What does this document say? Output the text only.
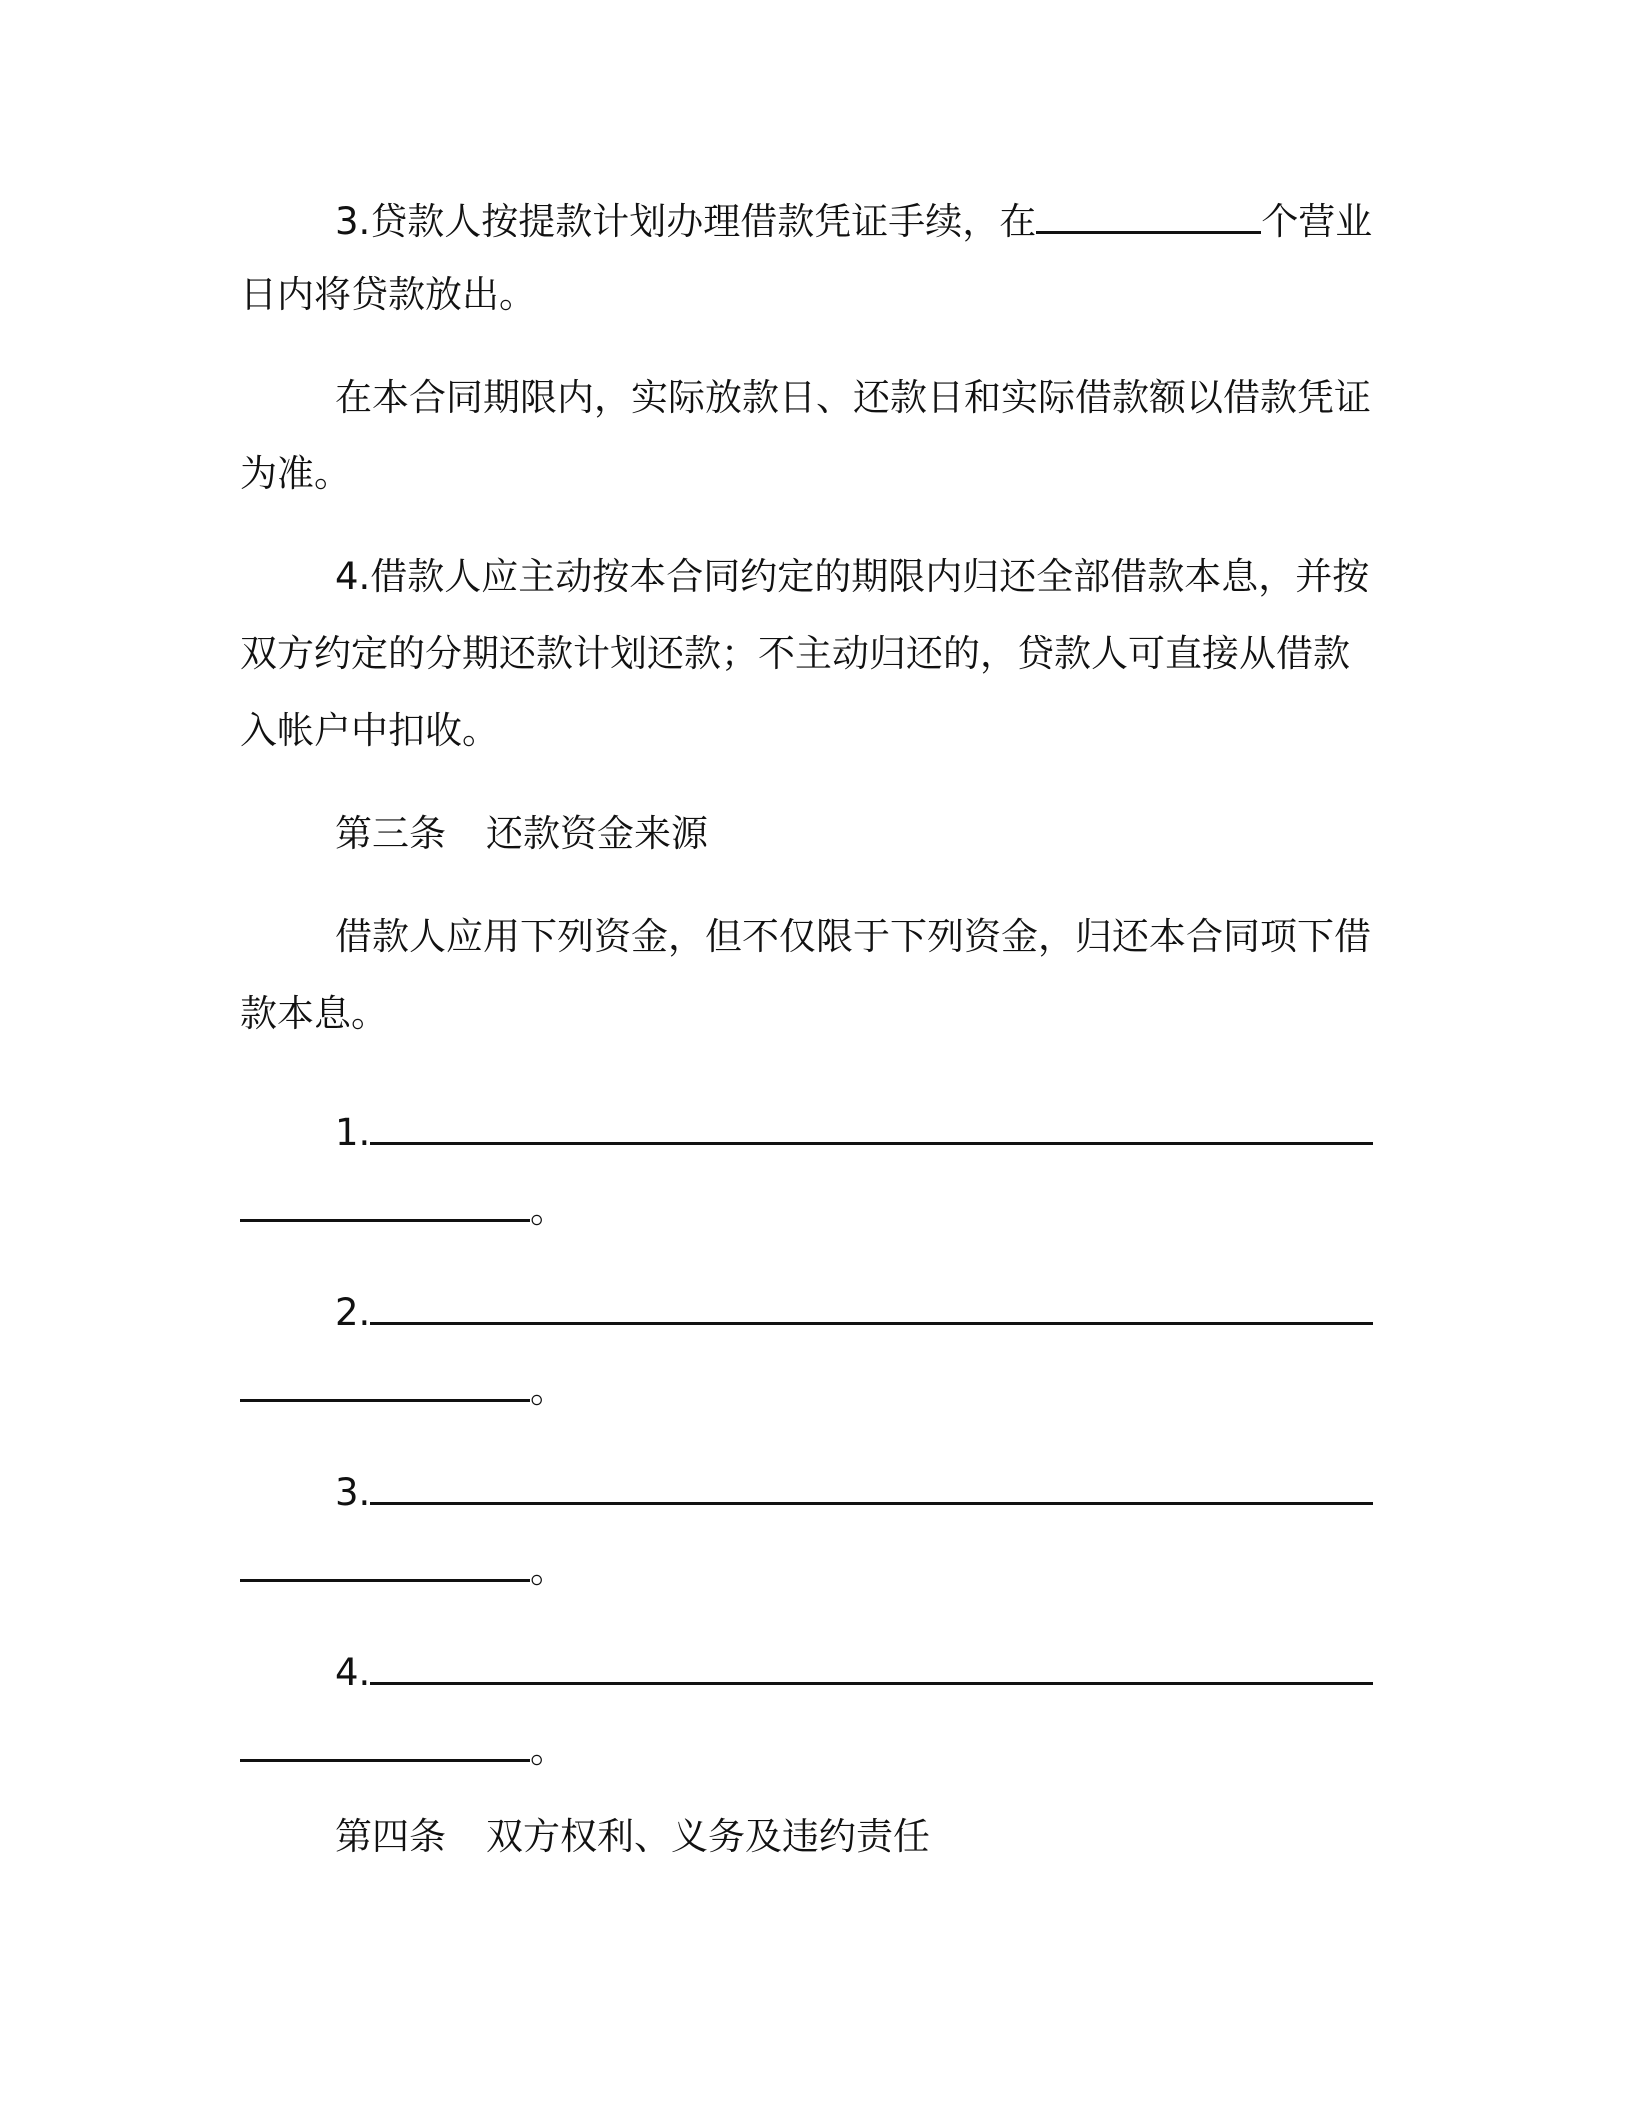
3.贷款人按提款计划办理借款凭证手续，在	个营业
日内将贷款放出。
在本合同期限内，实际放款日、还款日和实际借款额以借款凭证
为准。
4.借款人应主动按本合同约定的期限内归还全部借款本息，并按
双方约定的分期还款计划还款；不主动归还的，贷款人可直接从借款
入帐户中扣收。
第三条 还款资金来源
借款人应用下列资金，但不仅限于下列资金，归还本合同项下借
款本息。
1.
。
2.
。
3.
。
4.
。
第四条 双方权利、义务及违约责任
